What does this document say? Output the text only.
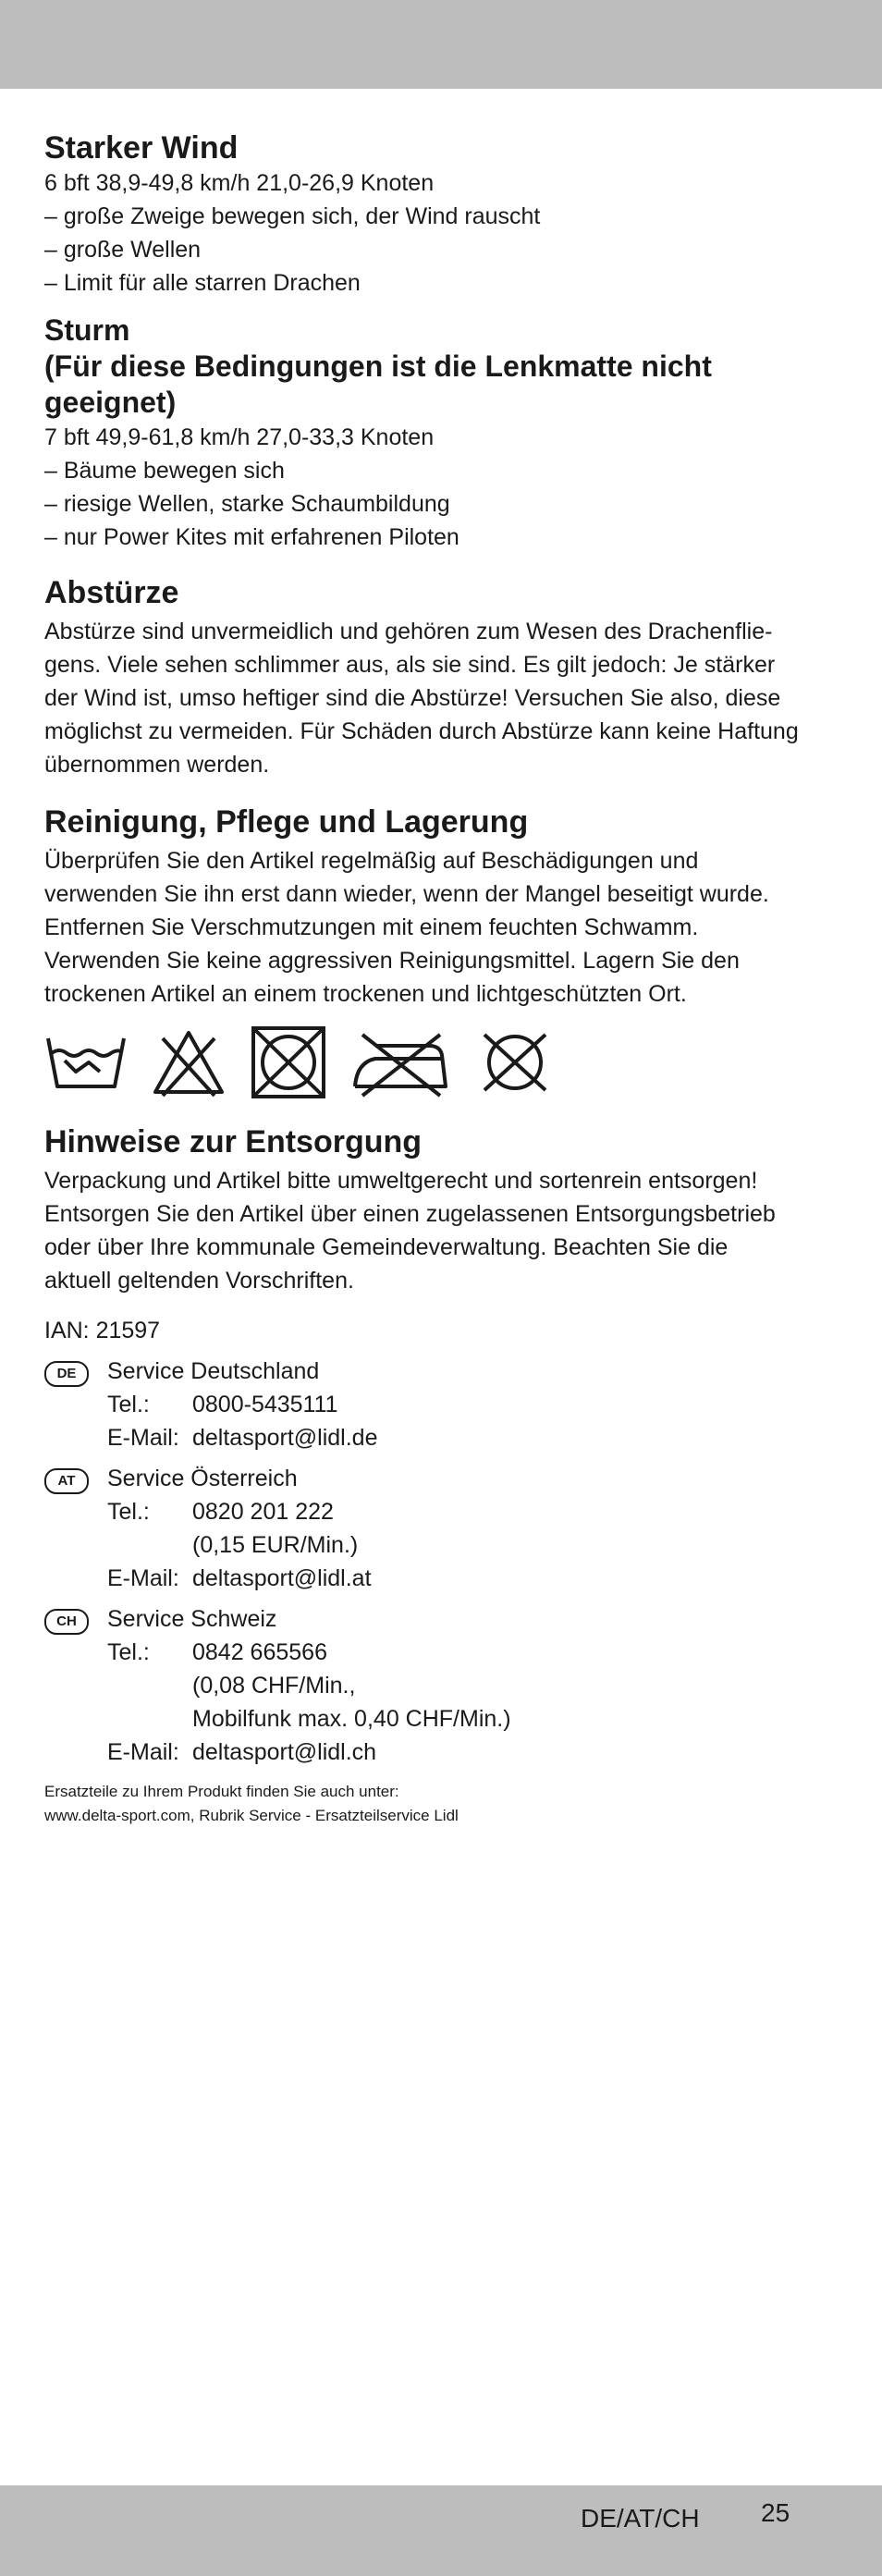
Starker Wind

6 bft 38,9-49,8 km/h 21,0-26,9 Knoten

– große Zweige bewegen sich, der Wind rauscht

– große Wellen

– Limit für alle starren Drachen

Sturm
(Für diese Bedingungen ist die Lenkmatte nicht
geeignet)

7 bft 49,9-61,8 km/h 27,0-33,3 Knoten

– Bäume bewegen sich

– riesige Wellen, starke Schaumbildung

– nur Power Kites mit erfahrenen Piloten

Abstürze

Abstürze sind unvermeidlich und gehören zum Wesen des Drachenflie-

gens. Viele sehen schlimmer aus, als sie sind. Es gilt jedoch: Je stärker

der Wind ist, umso heftiger sind die Abstürze! Versuchen Sie also, diese

möglichst zu vermeiden. Für Schäden durch Abstürze kann keine Haftung

übernommen werden.

Reinigung, Pflege und Lagerung

Überprüfen Sie den Artikel regelmäßig auf Beschädigungen und

verwenden Sie ihn erst dann wieder, wenn der Mangel beseitigt wurde.

Entfernen Sie Verschmutzungen mit einem feuchten Schwamm.

Verwenden Sie keine aggressiven Reinigungsmittel. Lagern Sie den

trockenen Artikel an einem trockenen und lichtgeschützten Ort.

Hinweise zur Entsorgung

Verpackung und Artikel bitte umweltgerecht und sortenrein entsorgen!

Entsorgen Sie den Artikel über einen zugelassenen Entsorgungsbetrieb

oder über Ihre kommunale Gemeindeverwaltung. Beachten Sie die

aktuell geltenden Vorschriften.

IAN: 21597
DE	Service Deutschland
Tel.:	0800-5435111
E-Mail: deltasport@lidl.de
AT	Service Österreich
Tel.:	0820 201 222
(0,15 EUR/Min.)
E-Mail: deltasport@lidl.at
CH	Service Schweiz
Tel.:	0842 665566
(0,08 CHF/Min.,
Mobilfunk max. 0,40 CHF/Min.)
E-Mail: deltasport@lidl.ch
Ersatzteile zu Ihrem Produkt finden Sie auch unter:
www.delta-sport.com, Rubrik Service - Ersatzteilservice Lidl
DE/AT/CH 25
